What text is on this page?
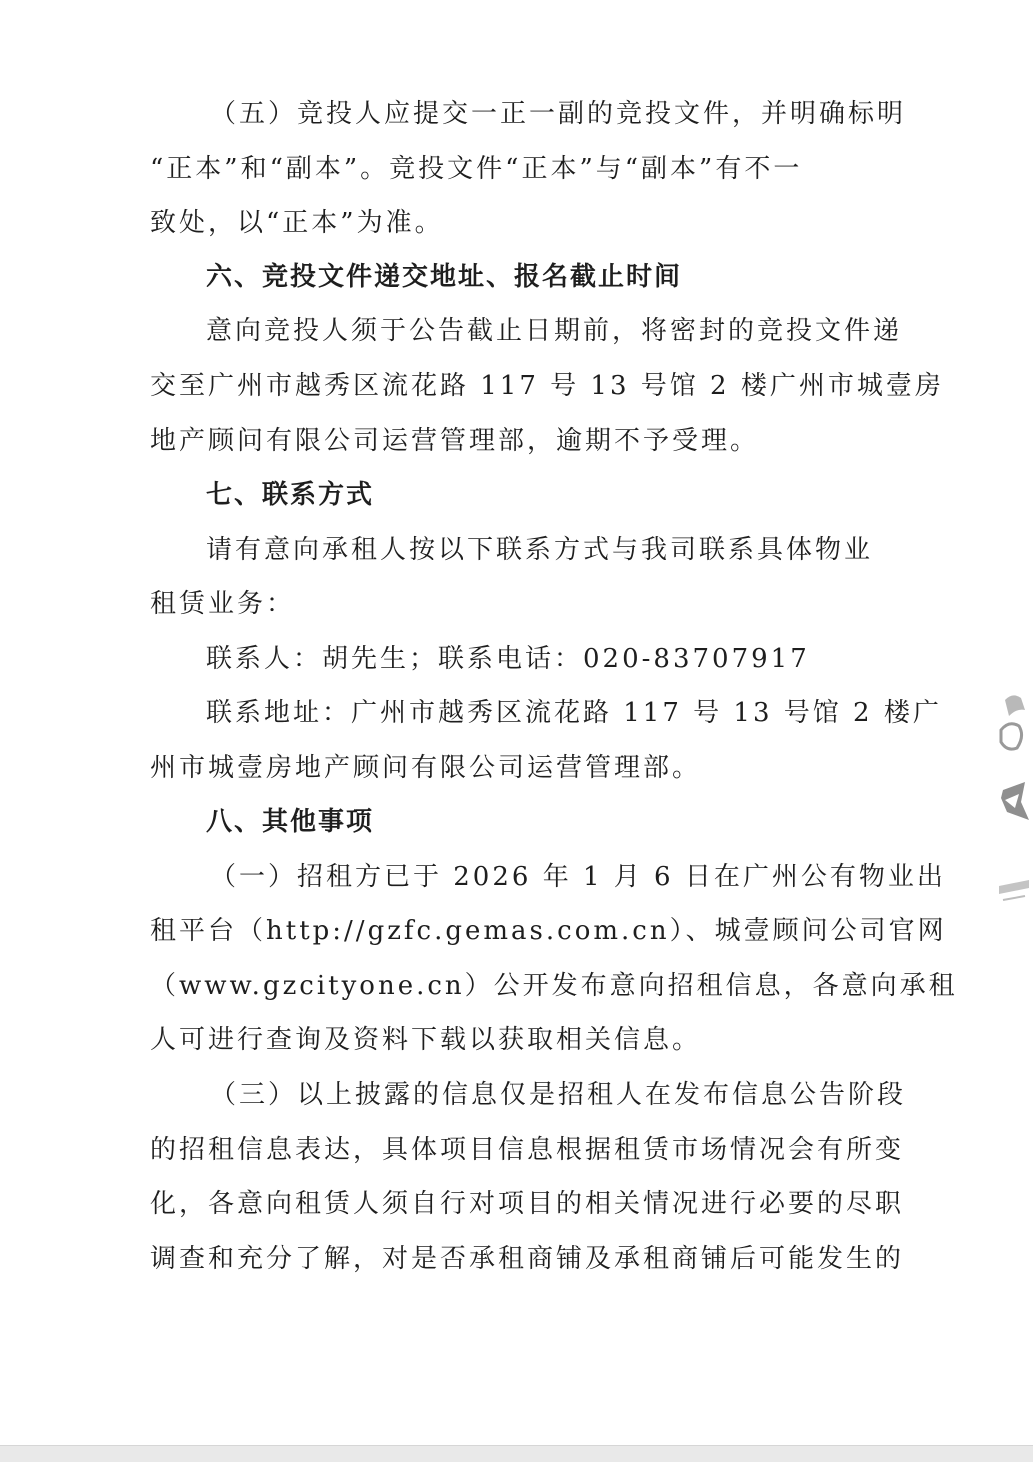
（五）竞投人应提交一正一副的竞投文件，并明确标明
“正本”和“副本”。竞投文件“正本”与“副本”有不一
致处，以“正本”为准。
六、竞投文件递交地址、报名截止时间
意向竞投人须于公告截止日期前，将密封的竞投文件递
交至广州市越秀区流花路 117 号 13 号馆 2 楼广州市城壹房
地产顾问有限公司运营管理部，逾期不予受理。
七、联系方式
请有意向承租人按以下联系方式与我司联系具体物业
租赁业务：
联系人：胡先生；联系电话：020-83707917
联系地址：广州市越秀区流花路 117 号 13 号馆 2 楼广
州市城壹房地产顾问有限公司运营管理部。
八、其他事项
（一）招租方已于 2026 年 1 月 6 日在广州公有物业出
租平台（http://gzfc.gemas.com.cn）、城壹顾问公司官网
（www.gzcityone.cn）公开发布意向招租信息，各意向承租
人可进行查询及资料下载以获取相关信息。
（三）以上披露的信息仅是招租人在发布信息公告阶段
的招租信息表达，具体项目信息根据租赁市场情况会有所变
化，各意向租赁人须自行对项目的相关情况进行必要的尽职
调查和充分了解，对是否承租商铺及承租商铺后可能发生的
